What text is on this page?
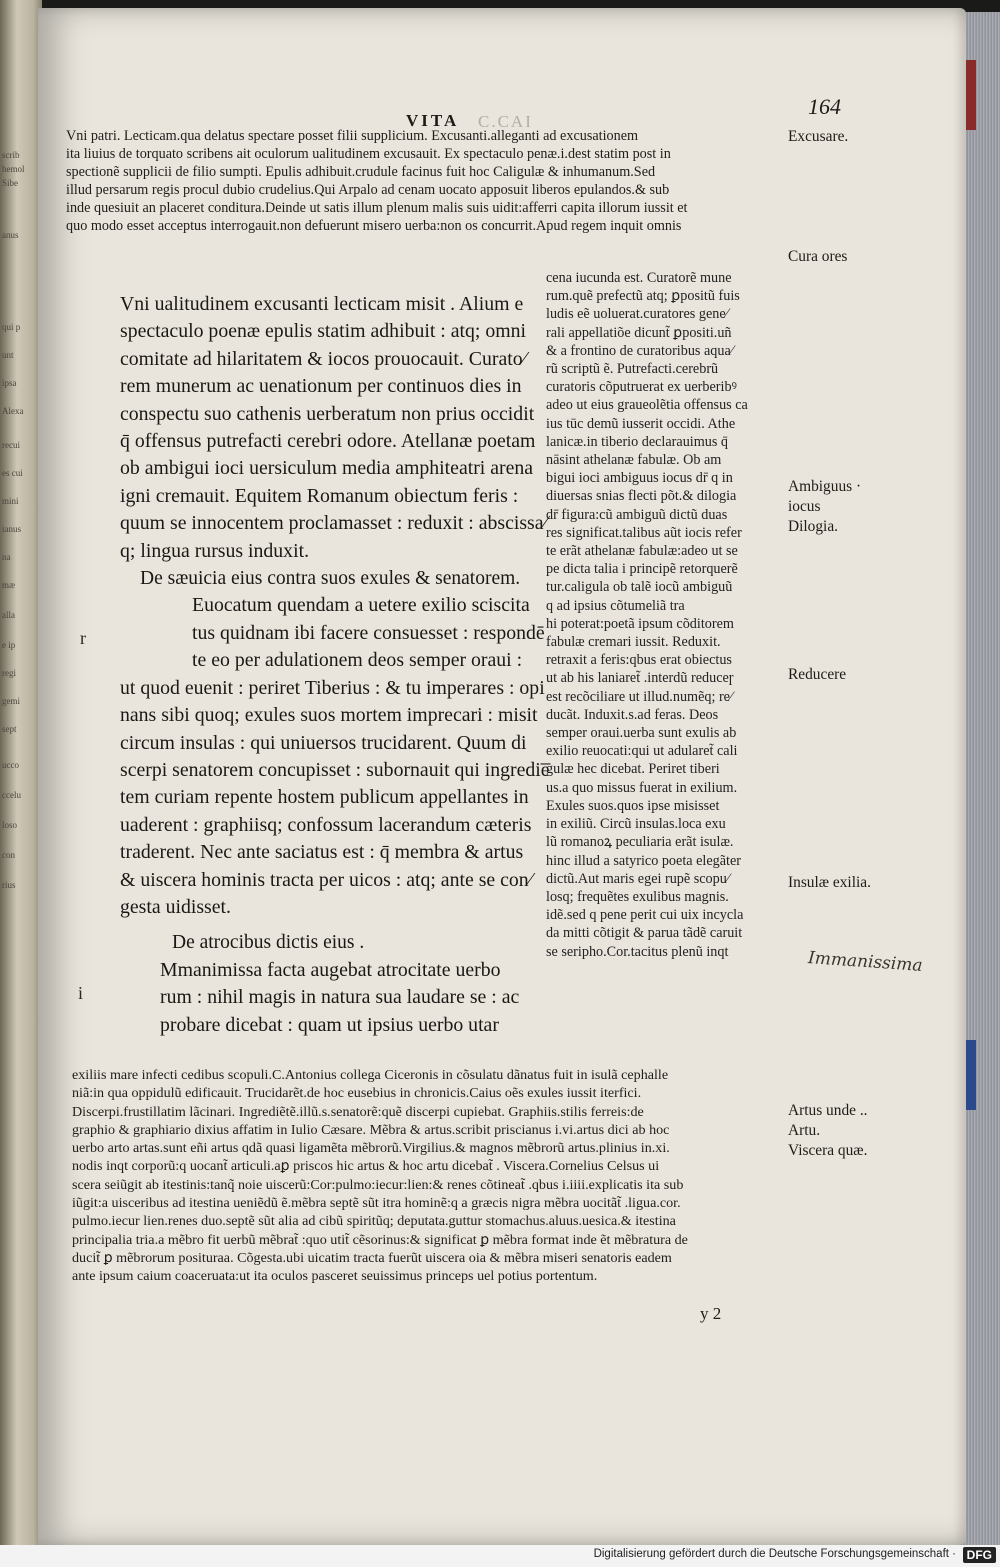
scrib
hemol
Sibe
anus
qui p
unt
ipsa
Alexa
recui
es cui
mini
ianus
na
mæ
alla
e ip
regi
gemi
sept
ucco
ccelu
loso
con
rius
C.CAI
VITA
164
Vni patri. Lecticam.qua delatus spectare posset filii supplicium. Excusanti.alleganti ad excusationem
ita liuius de torquato scribens ait oculorum ualitudinem excusauit. Ex spectaculo penæ.i.dest statim post in
spectionẽ supplicii de filio sumpti. Epulis adhibuit.crudule facinus fuit hoc Caligulæ & inhumanum.Sed
illud persarum regis procul dubio crudelius.Qui Arpalo ad cenam uocato apposuit liberos epulandos.& sub
inde quesiuit an placeret conditura.Deinde ut satis illum plenum malis suis uidit:afferri capita illorum iussit et
quo modo esset acceptus interrogauit.non defuerunt misero uerba:non os concurrit.Apud regem inquit omnis
Vni ualitudinem excusanti lecticam misit . Alium e
spectaculo poenæ epulis statim adhibuit : atq; omni
comitate ad hilaritatem & iocos prouocauit. Curato⁄
rem munerum ac uenationum per continuos dies in
conspectu suo cathenis uerberatum non prius occidit
q̄ offensus putrefacti cerebri odore. Atellanæ poetam
ob ambigui ioci uersiculum media amphiteatri arena
igni cremauit. Equitem Romanum obiectum feris :
quum se innocentem proclamasset : reduxit : abscissa⁄
q; lingua rursus induxit.
De sæuicia eius contra suos exules & senatorem.
Euocatum quendam a uetere exilio sciscita
tus quidnam ibi facere consuesset : respondē
te eo per adulationem deos semper oraui :
ut quod euenit : periret Tiberius : & tu imperares : opi
nans sibi quoq; exules suos mortem imprecari : misit
circum insulas : qui uniuersos trucidarent. Quum di
scerpi senatorem concupisset : subornauit qui ingredie̅
tem curiam repente hostem publicum appellantes in
uaderent : graphiisq; confossum lacerandum cæteris
traderent. Nec ante saciatus est : q̄ membra & artus
& uiscera hominis tracta per uicos : atq; ante se con⁄
gesta uidisset.
De atrocibus dictis eius .
Mmanimissa facta augebat atrocitate uerbo
rum : nihil magis in natura sua laudare se : ac
probare dicebat : quam ut ipsius uerbo utar
r
i
cena iucunda est. Curatorẽ mune
rum.quẽ prefectũ atq; ꝑpositũ fuis
ludis eẽ uoluerat.curatores gene⁄
rali appellatiõe dicunt̃ ꝑpositi.uñ
& a frontino de curatoribus aqua⁄
rũ scriptũ ẽ. Putrefacti.cerebrũ
curatoris cõputruerat ex uerberibꝰ
adeo ut eius graueolẽtia offensus ca
ius tūc demũ iusserit occidi. Athe
lanicæ.in tiberio declarauimus q̄
nāsint athelanæ fabulæ. Ob am
bigui ioci ambiguus iocus dr̄ q in
diuersas snias flecti põt.& dilogia
dr̄ figura:cũ ambiguũ dictũ duas
res significat.talibus aũt iocis refer
te erãt athelanæ fabulæ:adeo ut se
pe dicta talia i principẽ retorquerẽ
tur.caligula ob talẽ iocũ ambiguũ
q ad ipsius cõtumeliã tra
hi poterat:poetã ipsum cõditorem
fabulæ cremari iussit. Reduxit.
retraxit a feris:qbus erat obiectus
ut ab his laniaret̃ .interdũ reduceɼ
est recõciliare ut illud.numẽq; re⁄
ducãt. Induxit.s.ad feras. Deos
semper oraui.uerba sunt exulis ab
exilio reuocati:qui ut adularet̃ cali
gulæ hec dicebat. Periret tiberi
us.a quo missus fuerat in exilium.
Exules suos.quos ipse misisset
in exiliũ. Circũ insulas.loca exu
lũ romanoꝝ peculiaria erãt isulæ.
hinc illud a satyrico poeta elegãter
dictũ.Aut maris egei rupẽ scopu⁄
losq; frequẽtes exulibus magnis.
idẽ.sed q pene perit cui uix incycla
da mitti cõtigit & parua tãdẽ caruit
se seripho.Cor.tacitus plenũ inqt
Excusare.
Cura ores
Ambiguus ·
iocus
Dilogia.
Reducere
Insulæ exilia.
Artus unde ..
Artu.
Viscera quæ.
Immanissima
exiliis mare infecti cedibus scopuli.C.Antonius collega Ciceronis in cõsulatu dãnatus fuit in isulã cephalle
niã:in qua oppidulũ edificauit. Trucidarẽt.de hoc eusebius in chronicis.Caius oẽs exules iussit iterfici.
Discerpi.frustillatim lãcinari. Ingrediẽtẽ.illũ.s.senatorẽ:quẽ discerpi cupiebat. Graphiis.stilis ferreis:de
graphio & graphiario dixius affatim in Iulio Cæsare. Mẽbra & artus.scribit priscianus i.vi.artus dici ab hoc
uerbo arto artas.sunt eñi artus qdã quasi ligamẽta mẽbrorũ.Virgilius.& magnos mẽbrorũ artus.plinius in.xi.
nodis inqt corporũ:q uocant̃ articuli.aꝑ priscos hic artus & hoc artu dicebat̃ . Viscera.Cornelius Celsus ui
scera seiũgit ab itestinis:tanq̃ noie uiscerũ:Cor:pulmo:iecur:lien:& renes cõtineat̃ .qbus i.iiii.explicatis ita sub
iũgit:a uisceribus ad itestina ueniẽdũ ẽ.mẽbra septẽ sũt itra hominẽ:q a græcis nigra mẽbra uocitãt̃ .ligua.cor.
pulmo.iecur lien.renes duo.septẽ sũt alia ad cibũ spiritũq; deputata.guttur stomachus.aluus.uesica.& itestina
principalia tria.a mẽbro fit uerbũ mẽbrat̃ :quo utit̃ cẽsorinus:& significat ꝑ mẽbra format inde ẽt mẽbratura de
ducit̃ ꝑ mẽbrorum posituraa. Cõgesta.ubi uicatim tracta fuerũt uiscera oia & mẽbra miseri senatoris eadem
ante ipsum caium coaceruata:ut ita oculos pasceret seuissimus princeps uel potius portentum.
y 2
Digitalisierung gefördert durch die Deutsche Forschungsgemeinschaft · DFG
